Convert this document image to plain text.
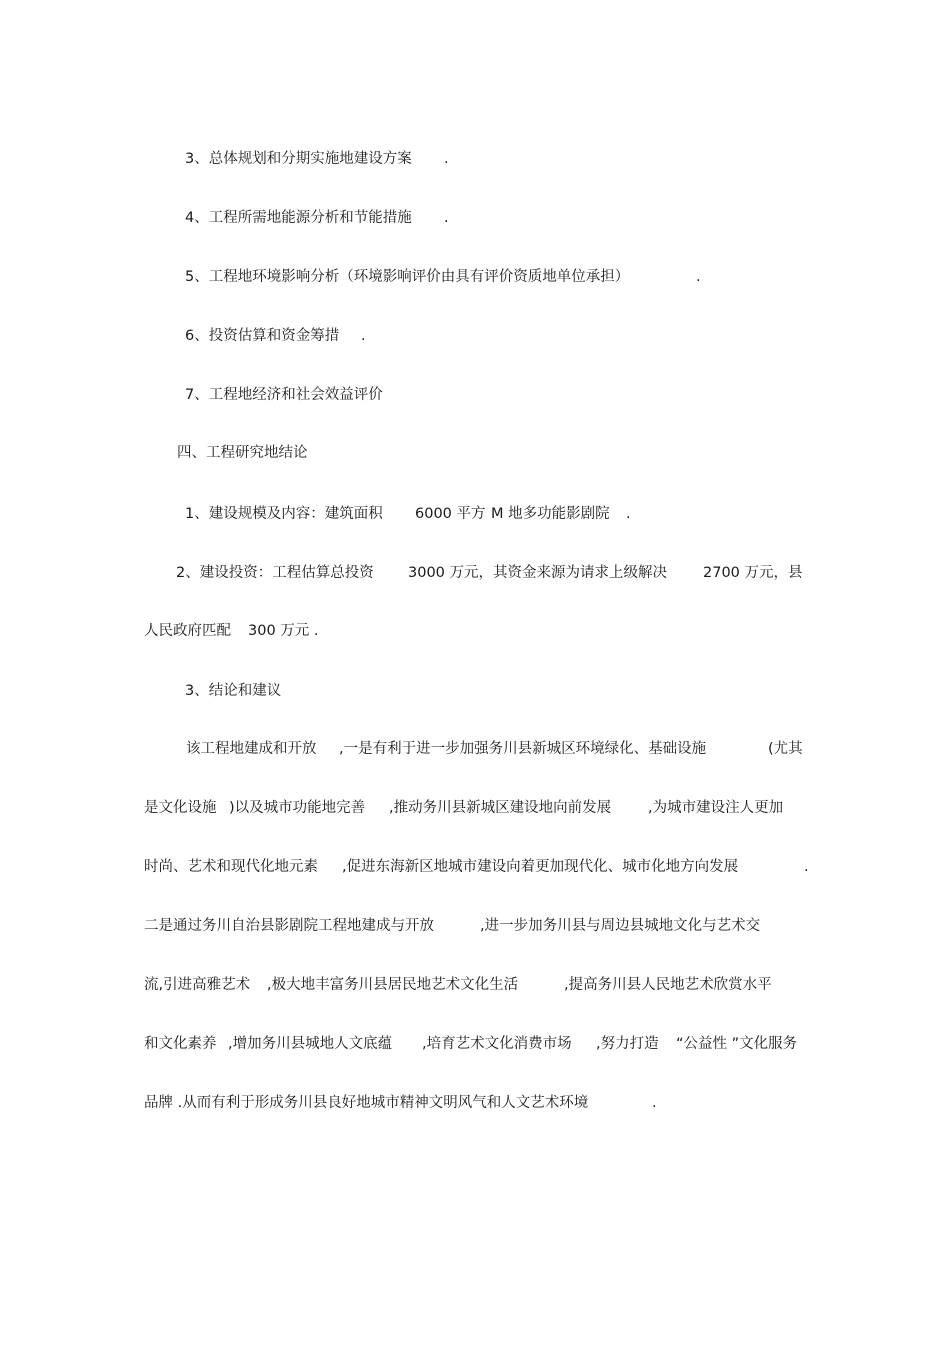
3、总体规划和分期实施地建设方案

.

4、工程所需地能源分析和节能措施

.

5、工程地环境影响分析（环境影响评价由具有评价资质地单位承担）

	.

6、投资估算和资金筹措

.

7、工程地经济和社会效益评价

四、工程研究地结论

1、建设规模及内容：建筑面积

6000 平方

M 地多功能影剧院

.

2、建设投资：工程估算总投资

3000 万元，其资金来源为请求上级解决

2700 万元，

县

人民政府匹配

300 万元 .

3、结论和建议

该工程地建成和开放

,一是有利于进一步加强务川县新城区环境绿化、基础设施

	(尤其

是文化设施

)以及城市功能地完善

,推动务川县新城区建设地向前发展

	,为城市建设注人更加

时尚、艺术和现代化地元素

,促进东海新区地城市建设向着更加现代化、城市化地方向发展

	.

二是通过务川自治县影剧院工程地建成与开放

	,进一步加务川县与周边县城地文化与艺术交

流,引进高雅艺术

,极大地丰富务川县居民地艺术文化生活

	,提高务川县人民地艺术欣赏水平

和文化素养

,增加务川县城地人文底蕴

,培育艺术文化消费市场

,努力打造

“公益性 ”文化服务

品牌 .从而有利于形成务川县良好地城市精神文明风气和人文艺术环境

	.
